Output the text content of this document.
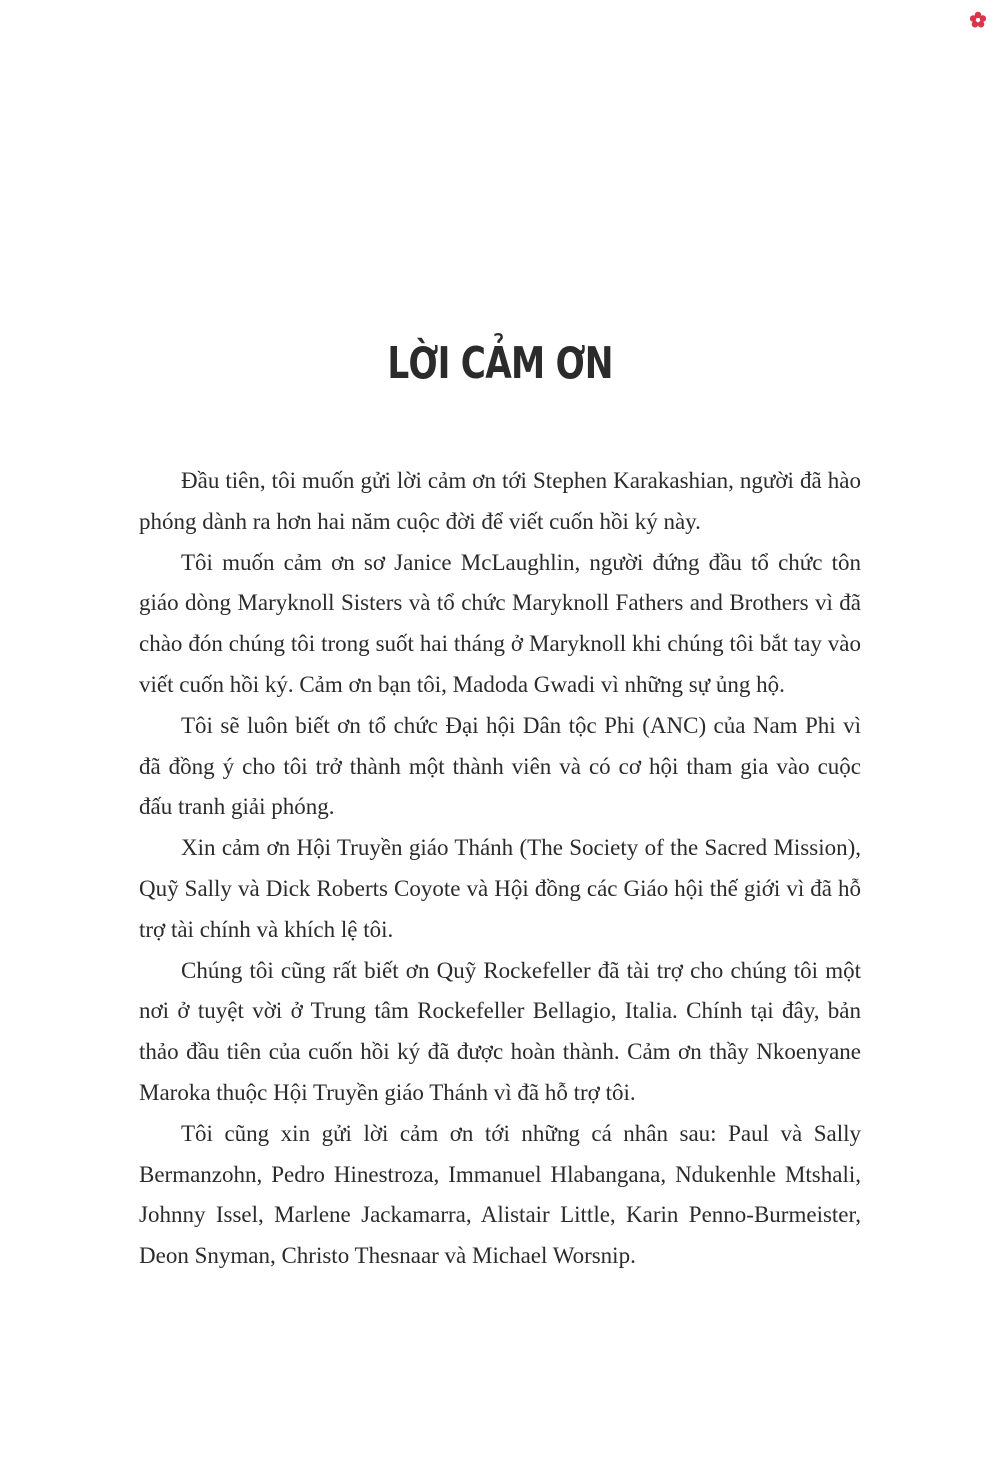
LỜI CẢM ƠN

Đầu tiên, tôi muốn gửi lời cảm ơn tới Stephen Karakashian, người đã hào phóng dành ra hơn hai năm cuộc đời để viết cuốn hồi ký này.

Tôi muốn cảm ơn sơ Janice McLaughlin, người đứng đầu tổ chức tôn giáo dòng Maryknoll Sisters và tổ chức Maryknoll Fathers and Brothers vì đã chào đón chúng tôi trong suốt hai tháng ở Maryknoll khi chúng tôi bắt tay vào viết cuốn hồi ký. Cảm ơn bạn tôi, Madoda Gwadi vì những sự ủng hộ.

Tôi sẽ luôn biết ơn tổ chức Đại hội Dân tộc Phi (ANC) của Nam Phi vì đã đồng ý cho tôi trở thành một thành viên và có cơ hội tham gia vào cuộc đấu tranh giải phóng.

Xin cảm ơn Hội Truyền giáo Thánh (The Society of the Sacred Mission), Quỹ Sally và Dick Roberts Coyote và Hội đồng các Giáo hội thế giới vì đã hỗ trợ tài chính và khích lệ tôi.

Chúng tôi cũng rất biết ơn Quỹ Rockefeller đã tài trợ cho chúng tôi một nơi ở tuyệt vời ở Trung tâm Rockefeller Bellagio, Italia. Chính tại đây, bản thảo đầu tiên của cuốn hồi ký đã được hoàn thành. Cảm ơn thầy Nkoenyane Maroka thuộc Hội Truyền giáo Thánh vì đã hỗ trợ tôi.

Tôi cũng xin gửi lời cảm ơn tới những cá nhân sau: Paul và Sally Bermanzohn, Pedro Hinestroza, Immanuel Hlabangana, Ndukenhle Mtshali, Johnny Issel, Marlene Jackamarra, Alistair Little, Karin Penno-Burmeister, Deon Snyman, Christo Thesnaar và Michael Worsnip.
